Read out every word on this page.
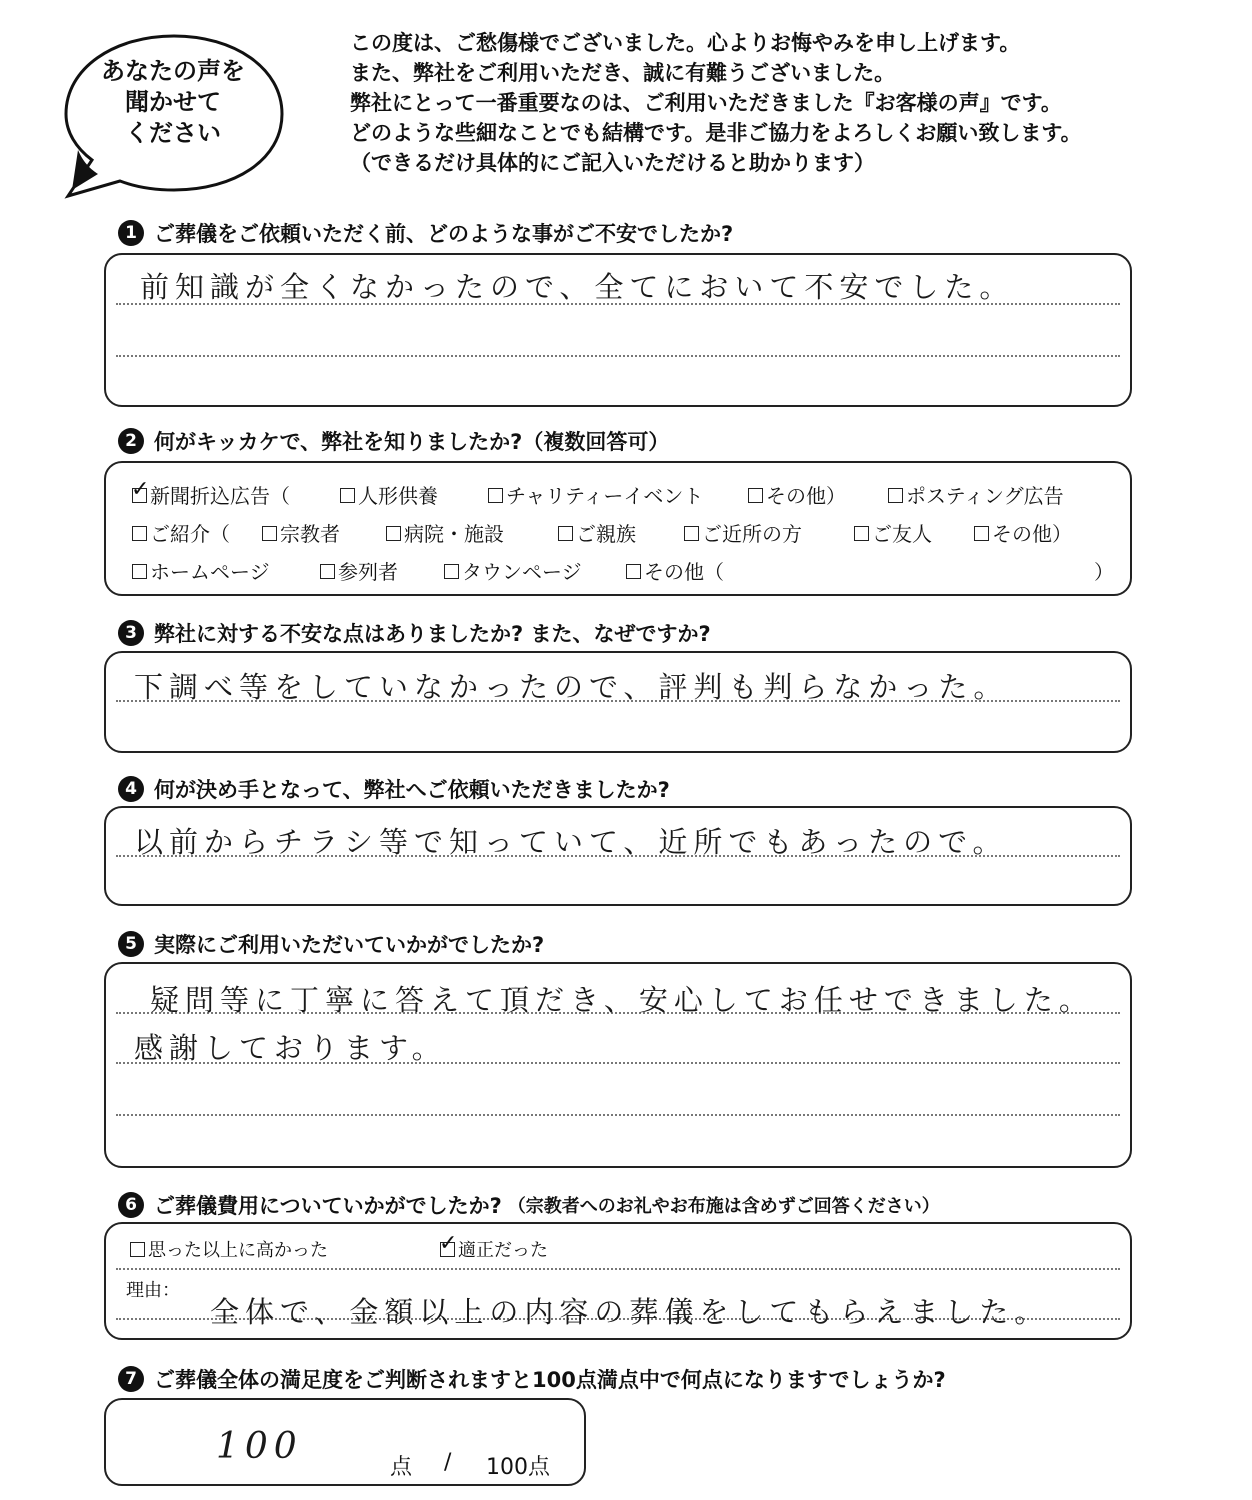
あなたの声を
聞かせて
ください
この度は、ご愁傷様でございました。心よりお悔やみを申し上げます。
また、弊社をご利用いただき、誠に有難うございました。
弊社にとって一番重要なのは、ご利用いただきました『お客様の声』です。
どのような些細なことでも結構です。是非ご協力をよろしくお願い致します。
（できるだけ具体的にご記入いただけると助かります）
1 ご葬儀をご依頼いただく前、どのような事がご不安でしたか?
前知識が全くなかったので、全てにおいて不安でした。
2 何がキッカケで、弊社を知りましたか?（複数回答可）
✓ 新聞折込広告（	人形供養	チャリティーイベント	その他）	ポスティング広告
ご紹介（	宗教者	病院・施設	ご親族	ご近所の方	ご友人	その他）
ホームページ	参列者	タウンページ	その他（	）
3 弊社に対する不安な点はありましたか? また、なぜですか?
下調べ等をしていなかったので、評判も判らなかった。
4 何が決め手となって、弊社へご依頼いただきましたか?
以前からチラシ等で知っていて、近所でもあったので。
5 実際にご利用いただいていかがでしたか?
疑問等に丁寧に答えて頂だき、安心してお任せできました。
感謝しております。
6 ご葬儀費用についていかがでしたか? （宗教者へのお礼やお布施は含めずご回答ください）
思った以上に高かった	✓ 適正だった
理由：
全体で、金額以上の内容の葬儀をしてもらえました。
7 ご葬儀全体の満足度をご判断されますと100点満点中で何点になりますでしょうか?
100
点 / 100点
